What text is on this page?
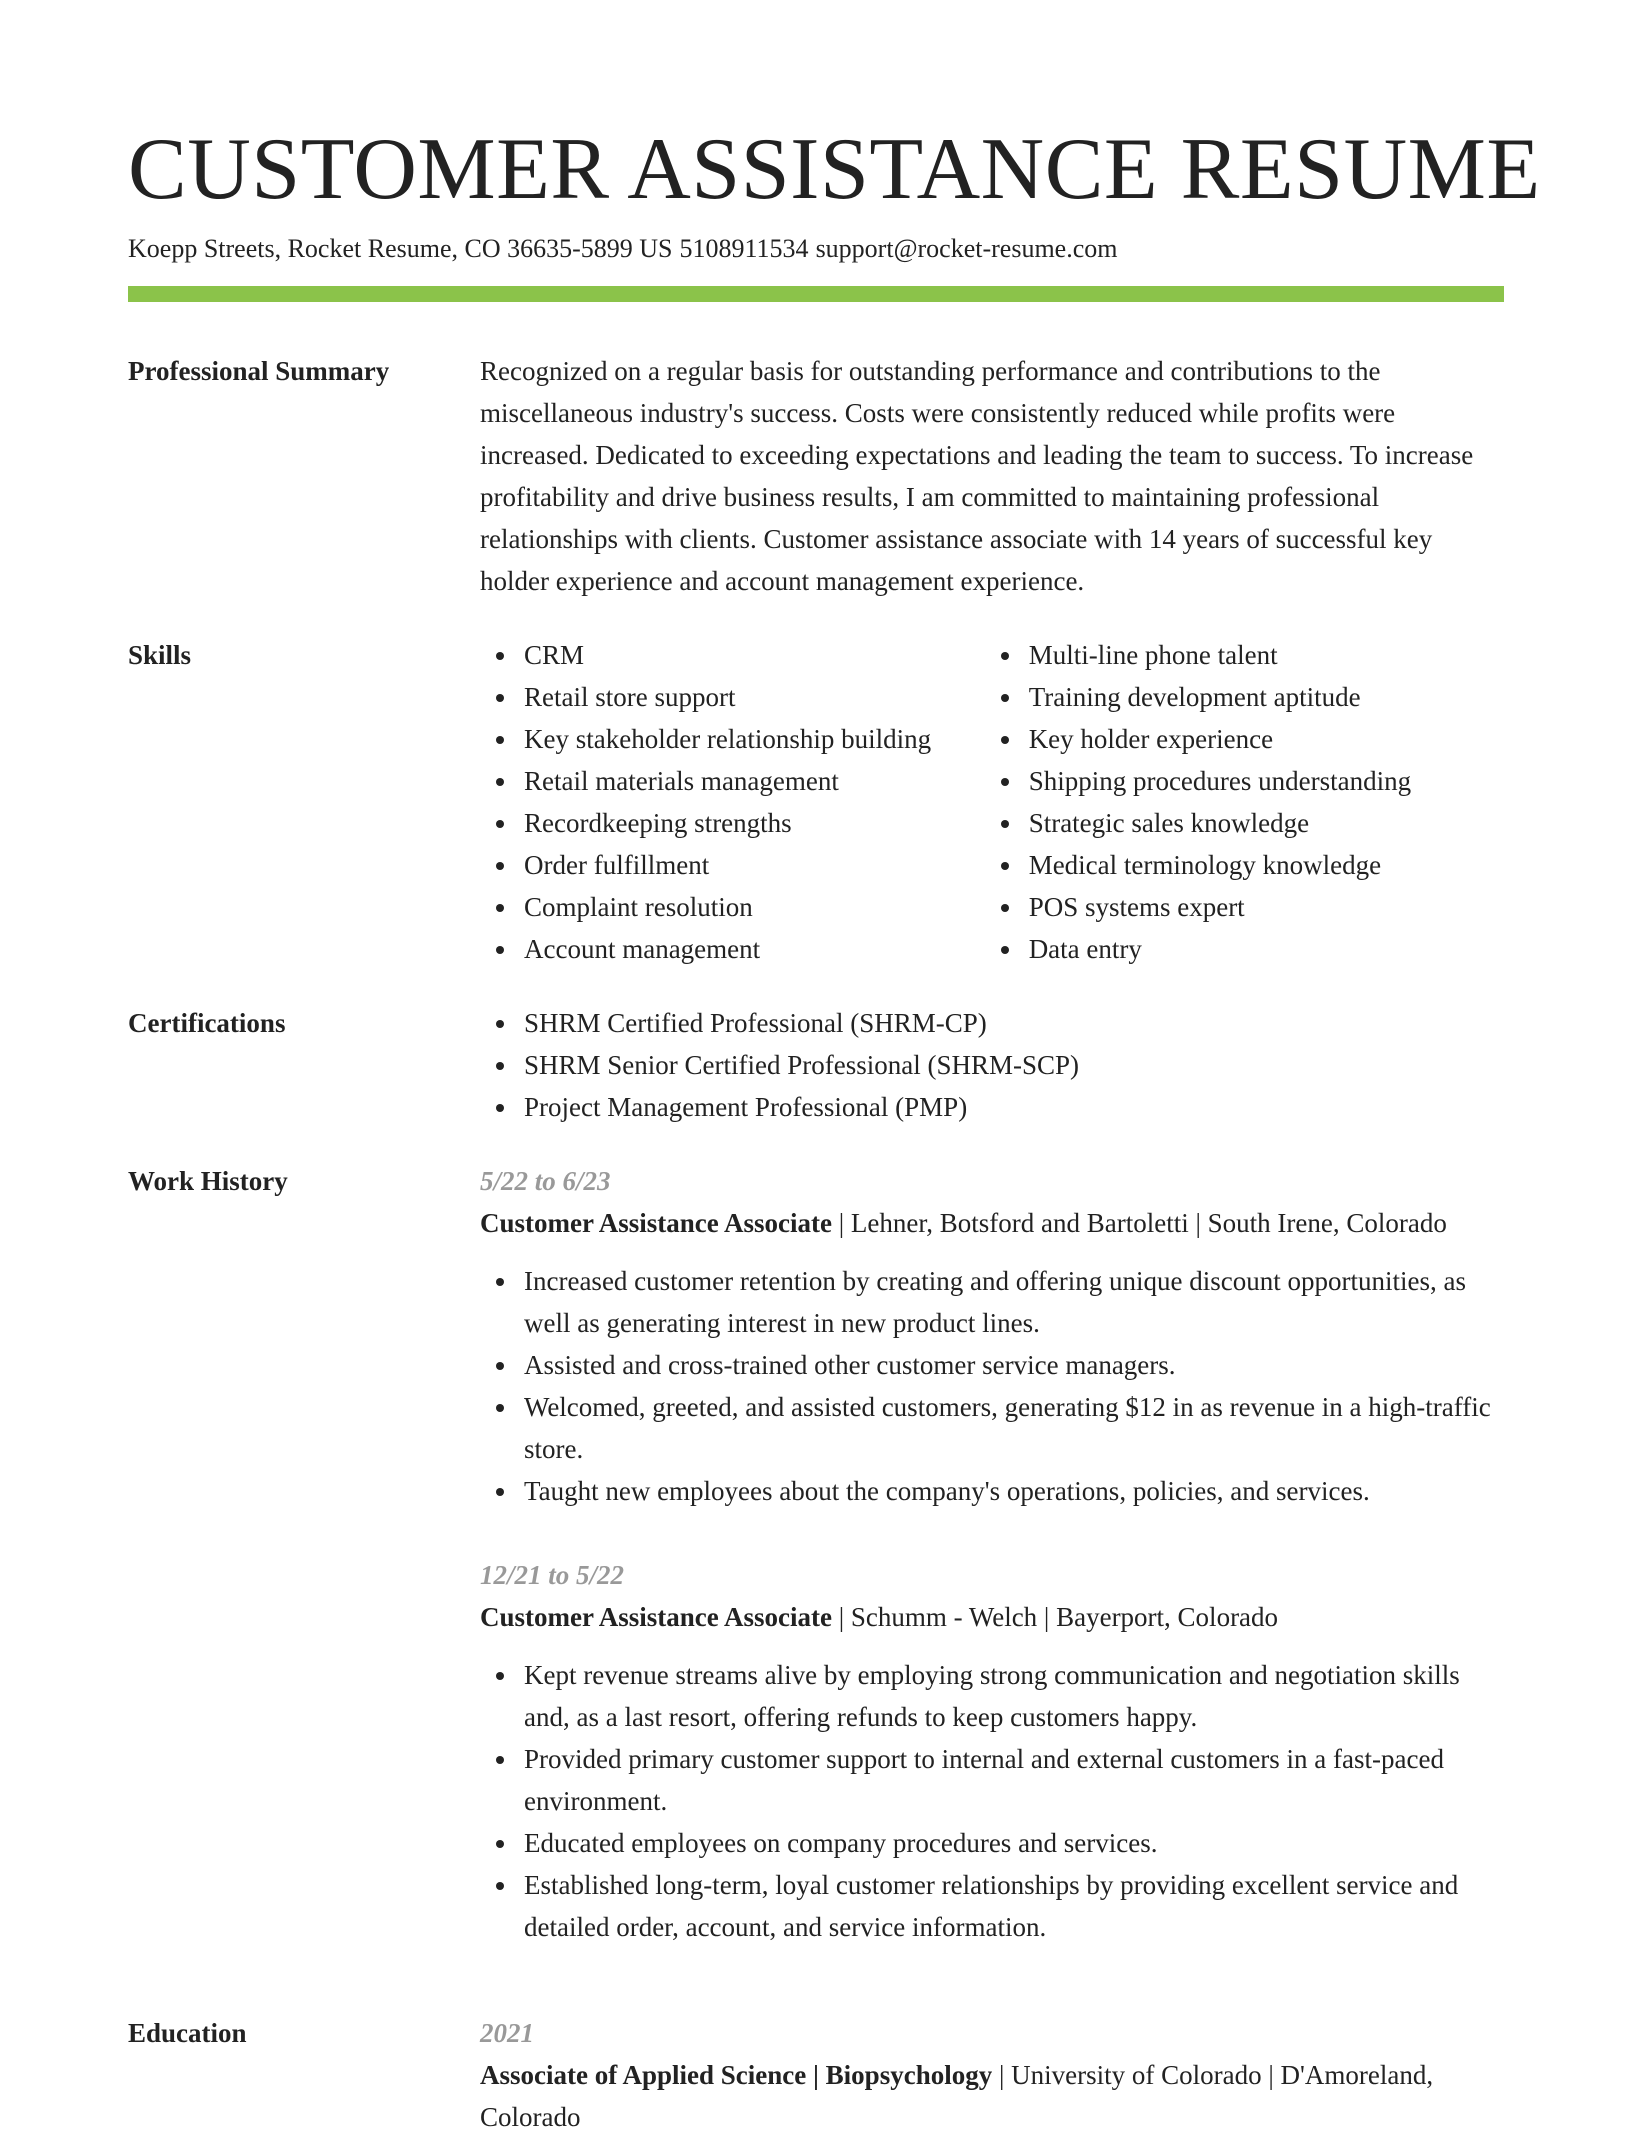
CUSTOMER ASSISTANCE RESUME
Koepp Streets, Rocket Resume, CO 36635-5899 US 5108911534 support@rocket-resume.com
Professional Summary	Recognized on a regular basis for outstanding performance and contributions to the miscellaneous industry's success. Costs were consistently reduced while profits were increased. Dedicated to exceeding expectations and leading the team to success. To increase profitability and drive business results, I am committed to maintaining professional relationships with clients. Customer assistance associate with 14 years of successful key holder experience and account management experience.

Skills	CRM
Retail store support
Key stakeholder relationship building
Retail materials management
Recordkeeping strengths
Order fulfillment
Complaint resolution
Account management
Multi-line phone talent
Training development aptitude
Key holder experience
Shipping procedures understanding
Strategic sales knowledge
Medical terminology knowledge
POS systems expert
Data entry
Certifications	SHRM Certified Professional (SHRM-CP)
SHRM Senior Certified Professional (SHRM-SCP)
Project Management Professional (PMP)
Work History	5/22 to 6/23
Customer Assistance Associate | Lehner, Botsford and Bartoletti | South Irene, Colorado
Increased customer retention by creating and offering unique discount opportunities, as well as generating interest in new product lines.
Assisted and cross-trained other customer service managers.
Welcomed, greeted, and assisted customers, generating $12 in as revenue in a high-traffic store.
Taught new employees about the company's operations, policies, and services.
12/21 to 5/22
Customer Assistance Associate | Schumm - Welch | Bayerport, Colorado
Kept revenue streams alive by employing strong communication and negotiation skills and, as a last resort, offering refunds to keep customers happy.
Provided primary customer support to internal and external customers in a fast-paced environment.
Educated employees on company procedures and services.
Established long-term, loyal customer relationships by providing excellent service and detailed order, account, and service information.
Education	2021
Associate of Applied Science | Biopsychology | University of Colorado | D'Amoreland, Colorado
